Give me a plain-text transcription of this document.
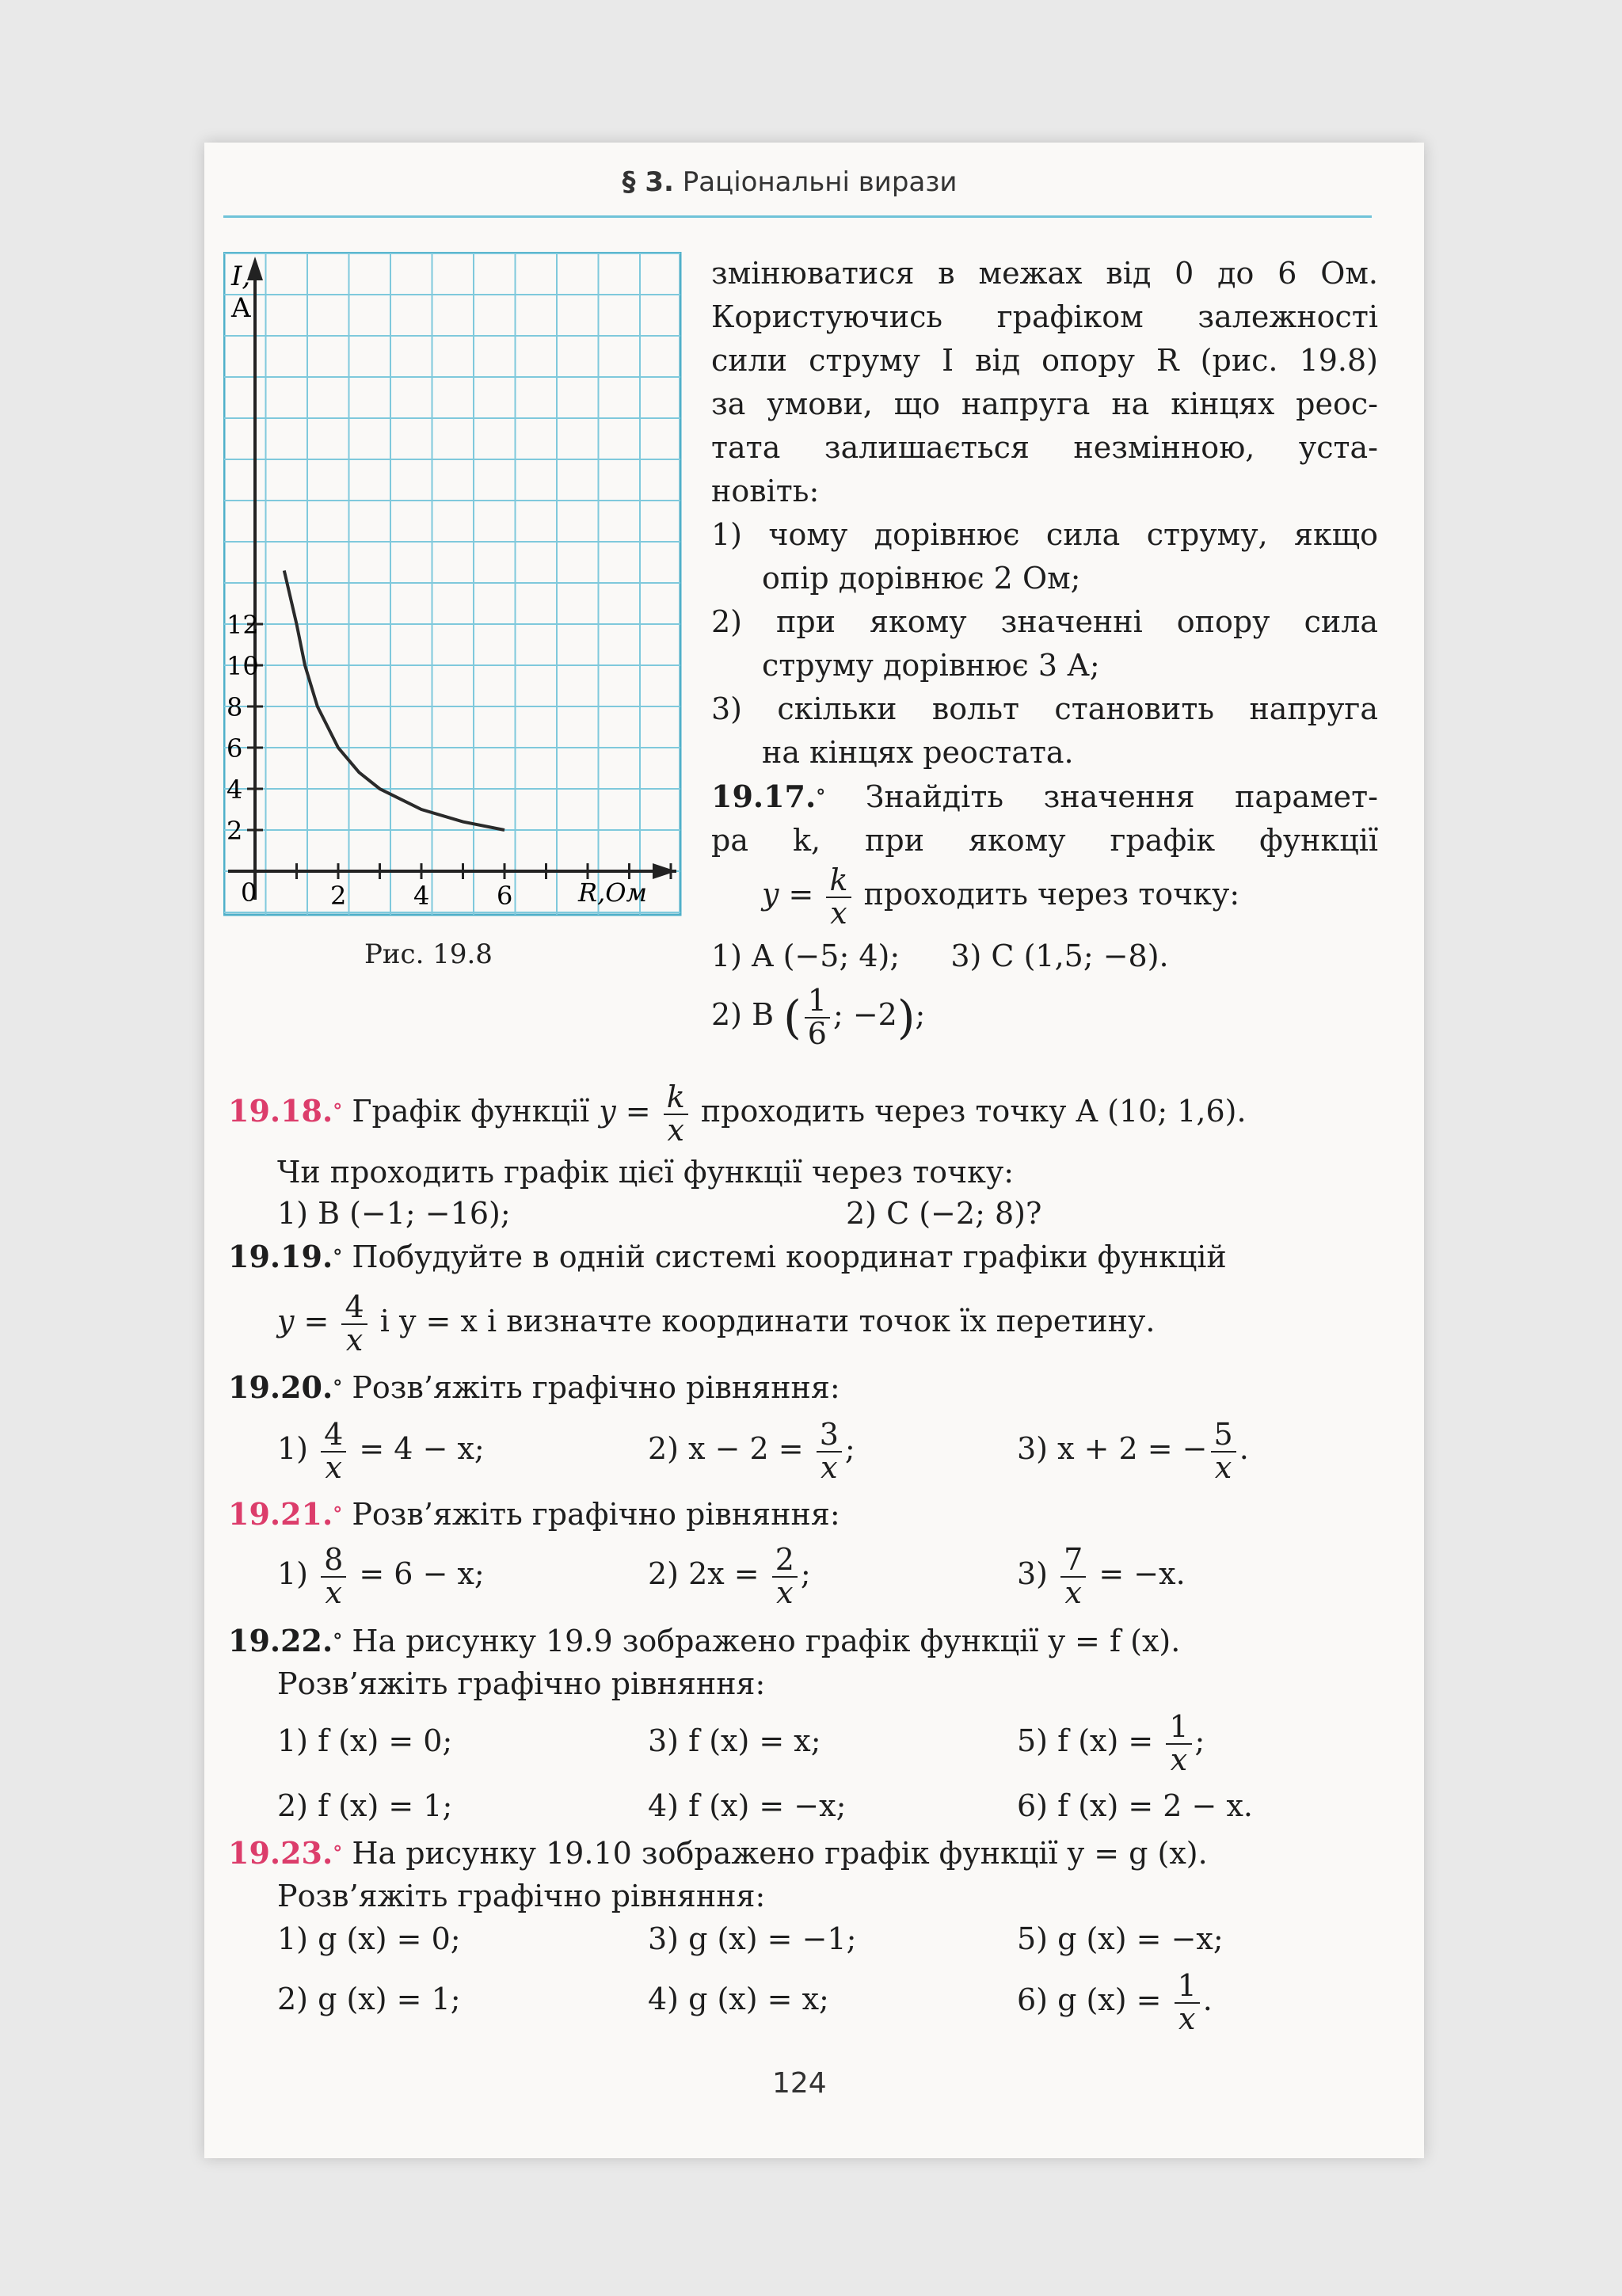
§ 3. Раціональні вирази
I,
A
R,Ом
0
2
4
6
8
10
12
2	4	6
Рис. 19.8

змінюватися в межах від 0 до 6 Ом.

Користуючись графіком залежності

сили струму I від опору R (рис. 19.8)

за умови, що напруга на кінцях реос-

тата залишається незмінною, уста-

новіть:

1) чому дорівнює сила струму, якщо

опір дорівнює 2 Ом;

2) при якому значенні опору сила

струму дорівнює 3 А;

3) скільки вольт становить напруга

на кінцях реостата.

19.17.° Знайдіть значення парамет-

ра k, при якому графік функції

$y = \frac{k}{x}$ проходить через точку:

1) A (−5; 4); 3) C (1,5; −8).

2) B ( $\frac{1}{6}$ ; −2);

19.18.° Графік функції $y = \frac{k}{x}$ проходить через точку A (10; 1,6).
Чи проходить графік цієї функції через точку:
1) B (−1; −16);	2) C (−2; 8)?
19.19.° Побудуйте в одній системі координат графіки функцій
$y = \frac{4}{x}$ і y = x і визначте координати точок їх перетину.
19.20.° Розв’яжіть графічно рівняння:
$1) \frac{4}{x} = 4 - x$;	2) $x - 2 = \frac{3}{x}$ ;	3) x + 2 = − $\frac{5}{x}$ .
19.21.° Розв’яжіть графічно рівняння:
$1) \frac{8}{x} = 6 - x$;	2) $2x = \frac{2}{x}$ ;	$3) \frac{7}{x} = -x$.
19.22.° На рисунку 19.9 зображено графік функції y = f (x).
Розв’яжіть графічно рівняння:
1) f (x) = 0;	3) f (x) = x;	5) f $(x) = \frac{1}{x}$ ;
2) f (x) = 1;	4) f (x) = −x;	6) f (x) = 2 − x.
19.23.° На рисунку 19.10 зображено графік функції y = g (x).
Розв’яжіть графічно рівняння:
1) g (x) = 0;	3) g (x) = −1;	5) g (x) = −x;
2) g (x) = 1;	4) g (x) = x;	6) g $(x) = \frac{1}{x}$ .
124
